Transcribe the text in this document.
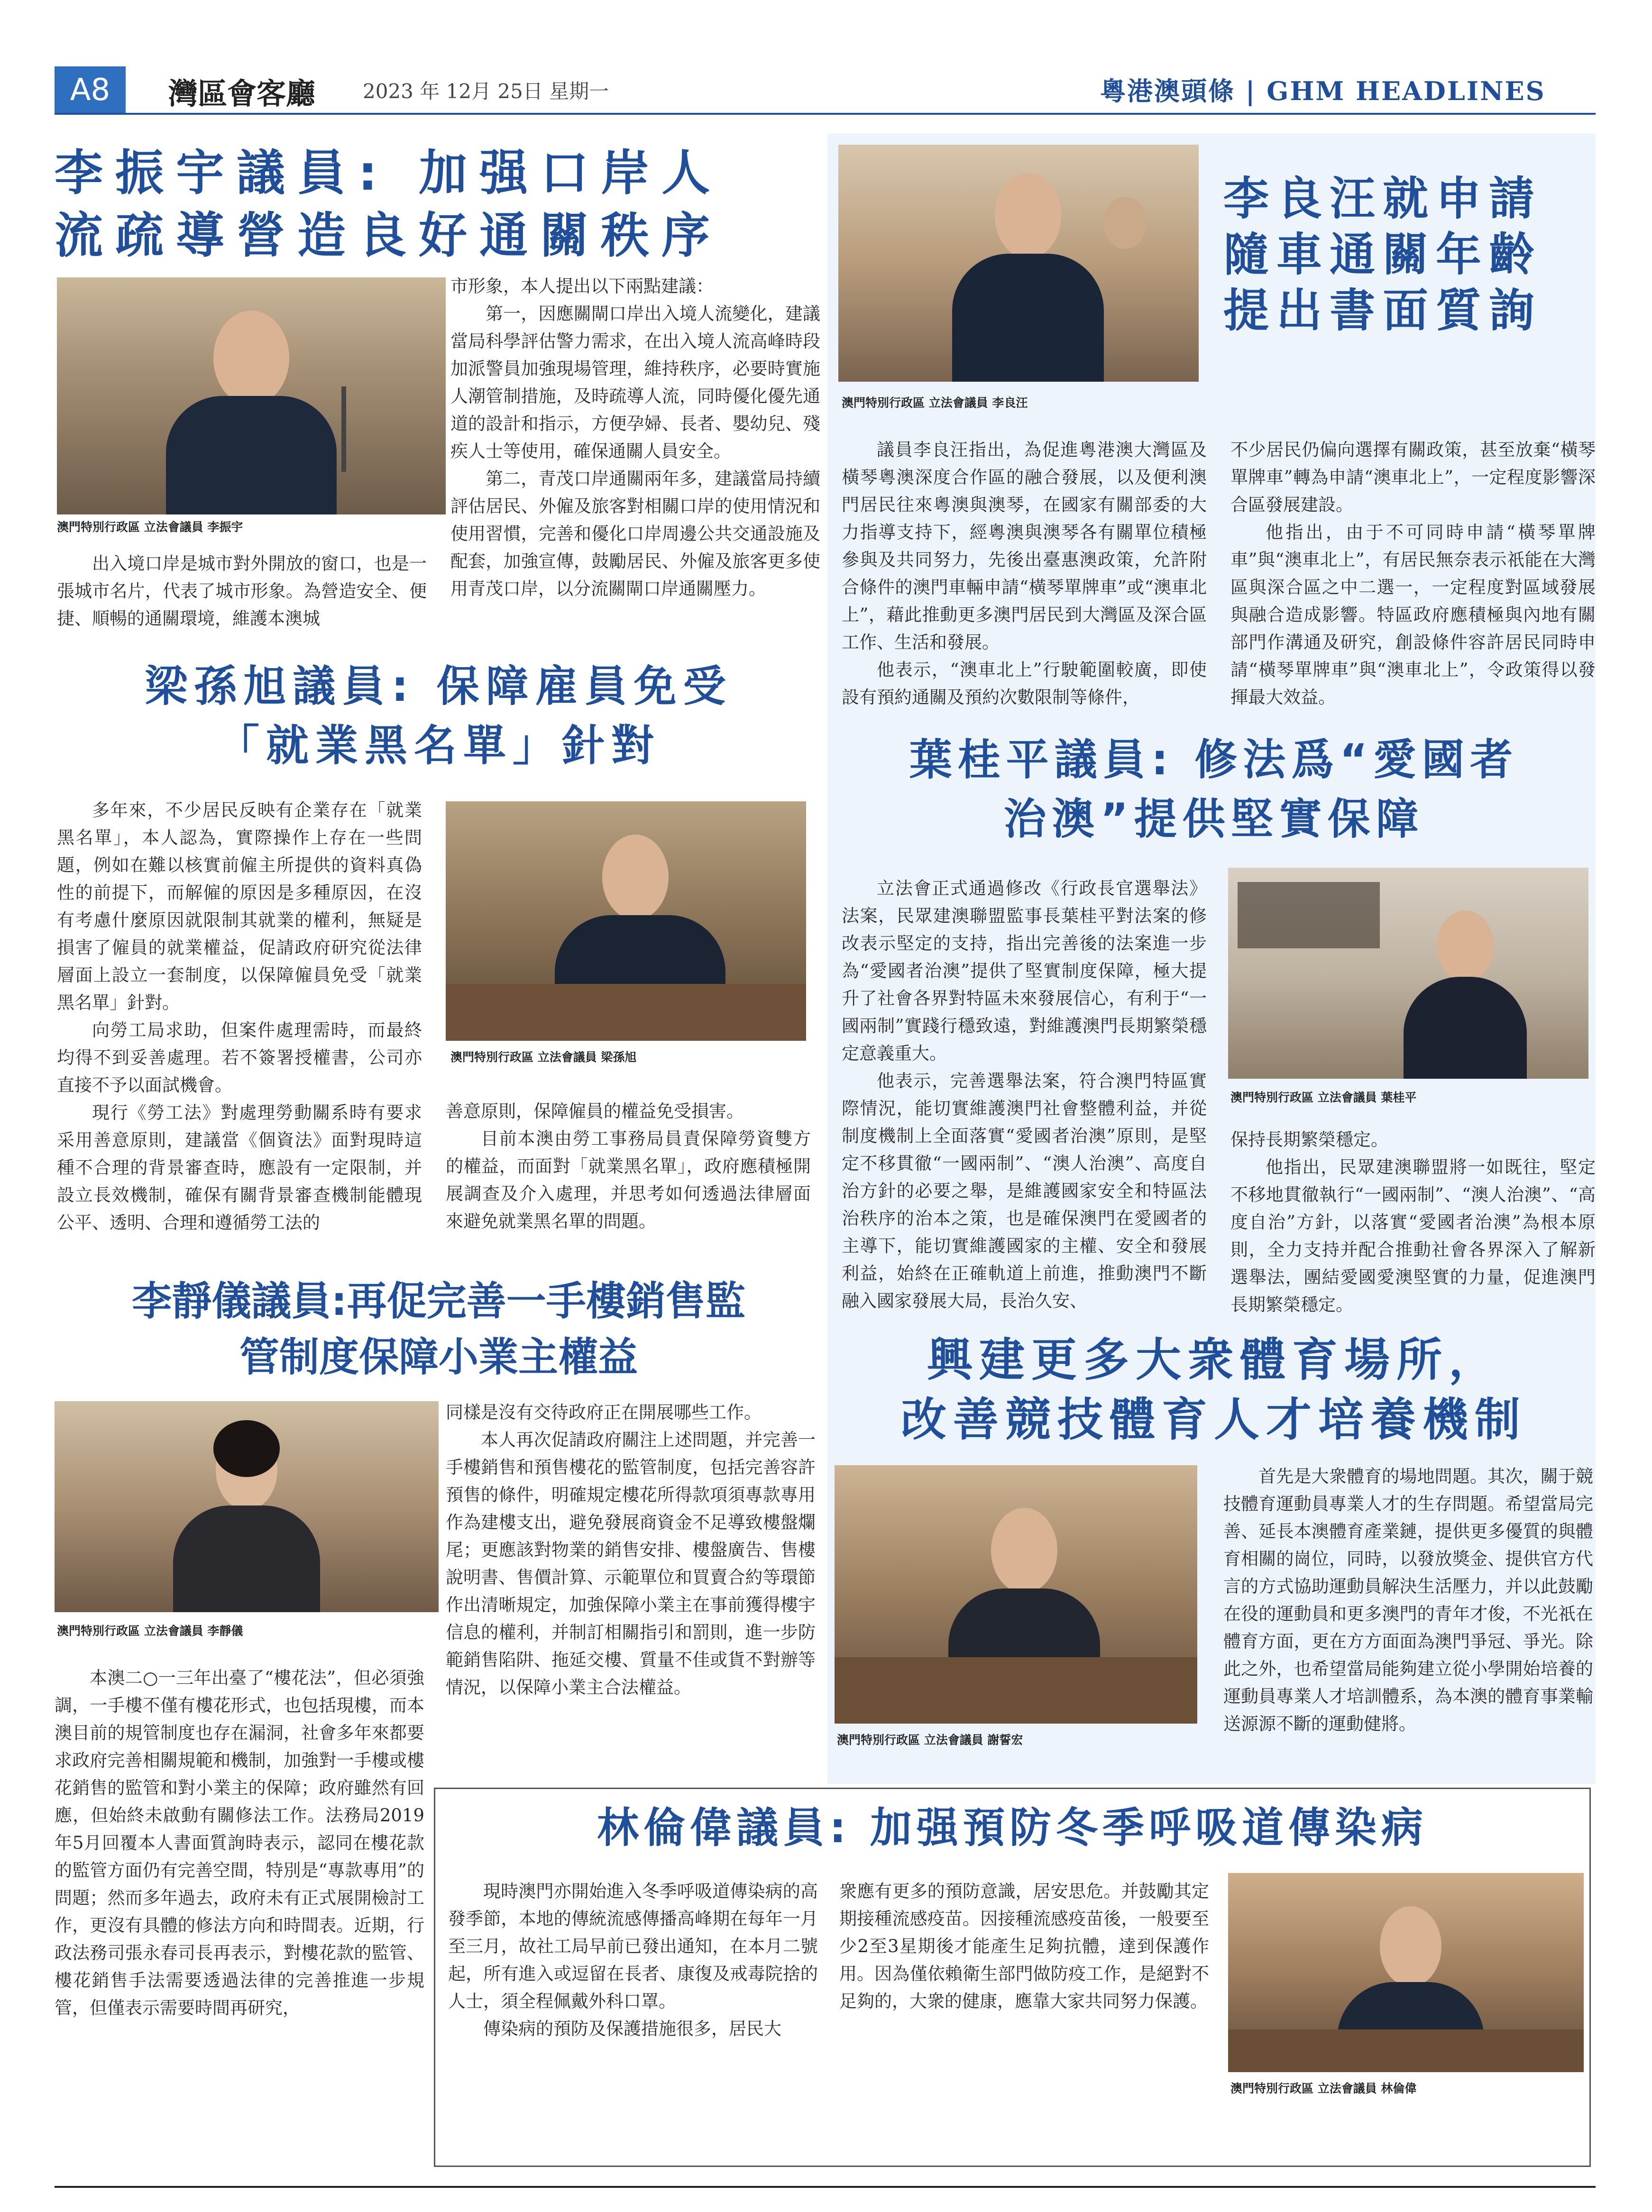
A8	灣區會客廳 2023 年 12月 25日 星期一	粵港澳頭條 | GHM HEADLINES
李振宇議員: 加强口岸人
流疏導營造良好通關秩序
澳門特別行政區 立法會議員 李振宇

出入境口岸是城市對外開放的窗口，也是一張城市名片，代表了城市形象。為營造安全、便捷、順暢的通關環境，維護本澳城

市形象，本人提出以下兩點建議：

第一，因應關閘口岸出入境人流變化，建議當局科學評估警力需求，在出入境人流高峰時段加派警員加強現場管理，維持秩序，必要時實施人潮管制措施，及時疏導人流，同時優化優先通道的設計和指示，方便孕婦、長者、嬰幼兒、殘疾人士等使用，確保通關人員安全。

第二，青茂口岸通關兩年多，建議當局持續評估居民、外僱及旅客對相關口岸的使用情況和使用習慣，完善和優化口岸周邊公共交通設施及配套，加強宣傳，鼓勵居民、外僱及旅客更多使用青茂口岸，以分流關閘口岸通關壓力。

澳門特別行政區 立法會議員 李良汪
李良汪就申請
隨車通關年齡
提出書面質詢

議員李良汪指出，為促進粵港澳大灣區及橫琴粵澳深度合作區的融合發展，以及便利澳門居民往來粵澳與澳琴，在國家有關部委的大力指導支持下，經粵澳與澳琴各有關單位積極參與及共同努力，先後出臺惠澳政策，允許附合條件的澳門車輛申請“橫琴單牌車”或“澳車北上”，藉此推動更多澳門居民到大灣區及深合區工作、生活和發展。

他表示，“澳車北上”行駛範圍較廣，即使設有預約通關及預約次數限制等條件，

不少居民仍偏向選擇有關政策，甚至放棄“橫琴單牌車”轉為申請“澳車北上”，一定程度影響深合區發展建設。

他指出，由于不可同時申請“橫琴單牌車”與“澳車北上”，有居民無奈表示祇能在大灣區與深合區之中二選一，一定程度對區域發展與融合造成影響。特區政府應積極與內地有關部門作溝通及研究，創設條件容許居民同時申請“橫琴單牌車”與“澳車北上”，令政策得以發揮最大效益。

梁孫旭議員: 保障雇員免受
「就業黑名單」針對

多年來，不少居民反映有企業存在「就業黑名單」，本人認為，實際操作上存在一些問題，例如在難以核實前僱主所提供的資料真偽性的前提下，而解僱的原因是多種原因，在沒有考慮什麼原因就限制其就業的權利，無疑是損害了僱員的就業權益，促請政府研究從法律層面上設立一套制度，以保障僱員免受「就業黑名單」針對。

向勞工局求助，但案件處理需時，而最終均得不到妥善處理。若不簽署授權書，公司亦直接不予以面試機會。

現行《勞工法》對處理勞動關系時有要求采用善意原則，建議當《個資法》面對現時這種不合理的背景審查時，應設有一定限制，并設立長效機制，確保有關背景審查機制能體現公平、透明、合理和遵循勞工法的

澳門特別行政區 立法會議員 梁孫旭

善意原則，保障僱員的權益免受損害。

目前本澳由勞工事務局員責保障勞資雙方的權益，而面對「就業黑名單」，政府應積極開展調查及介入處理，并思考如何透過法律層面來避免就業黑名單的問題。

葉桂平議員: 修法爲“愛國者
治澳”提供堅實保障

立法會正式通過修改《行政長官選舉法》法案，民眾建澳聯盟監事長葉桂平對法案的修改表示堅定的支持，指出完善後的法案進一步為“愛國者治澳”提供了堅實制度保障，極大提升了社會各界對特區未來發展信心，有利于“一國兩制”實踐行穩致遠，對維護澳門長期繁榮穩定意義重大。

他表示，完善選舉法案，符合澳門特區實際情況，能切實維護澳門社會整體利益，并從制度機制上全面落實“愛國者治澳”原則，是堅定不移貫徹“一國兩制”、“澳人治澳”、高度自治方針的必要之舉，是維護國家安全和特區法治秩序的治本之策，也是確保澳門在愛國者的主導下，能切實維護國家的主權、安全和發展利益，始終在正確軌道上前進，推動澳門不斷融入國家發展大局，長治久安、

澳門特別行政區 立法會議員 葉桂平

保持長期繁榮穩定。

他指出，民眾建澳聯盟將一如既往，堅定不移地貫徹執行“一國兩制”、“澳人治澳”、“高度自治”方針，以落實“愛國者治澳”為根本原則，全力支持并配合推動社會各界深入了解新選舉法，團結愛國愛澳堅實的力量，促進澳門長期繁榮穩定。

李靜儀議員:再促完善一手樓銷售監
管制度保障小業主權益
澳門特別行政區 立法會議員 李靜儀

本澳二○一三年出臺了“樓花法”，但必須強調，一手樓不僅有樓花形式，也包括現樓，而本澳目前的規管制度也存在漏洞，社會多年來都要求政府完善相關規範和機制，加強對一手樓或樓花銷售的監管和對小業主的保障；政府雖然有回應，但始終未啟動有關修法工作。法務局2019年5月回覆本人書面質詢時表示，認同在樓花款的監管方面仍有完善空間，特別是“專款專用”的問題；然而多年過去，政府未有正式展開檢討工作，更沒有具體的修法方向和時間表。近期，行政法務司張永春司長再表示，對樓花款的監管、樓花銷售手法需要透過法律的完善推進一步規管，但僅表示需要時間再研究，

同樣是沒有交待政府正在開展哪些工作。

本人再次促請政府關注上述問題，并完善一手樓銷售和預售樓花的監管制度，包括完善容許預售的條件，明確規定樓花所得款項須專款專用作為建樓支出，避免發展商資金不足導致樓盤爛尾；更應該對物業的銷售安排、樓盤廣告、售樓說明書、售價計算、示範單位和買賣合約等環節作出清晰規定，加強保障小業主在事前獲得樓宇信息的權利，并制訂相關指引和罰則，進一步防範銷售陷阱、拖延交樓、質量不佳或貨不對辦等情況，以保障小業主合法權益。

興建更多大衆體育場所，
改善競技體育人才培養機制
澳門特別行政區 立法會議員 謝誓宏

首先是大衆體育的場地問題。其次，關于競技體育運動員專業人才的生存問題。希望當局完善、延長本澳體育產業鏈，提供更多優質的與體育相關的崗位，同時，以發放獎金、提供官方代言的方式協助運動員解決生活壓力，并以此鼓勵在役的運動員和更多澳門的青年才俊，不光祇在體育方面，更在方方面面為澳門爭冠、爭光。除此之外，也希望當局能夠建立從小學開始培養的運動員專業人才培訓體系，為本澳的體育事業輸送源源不斷的運動健將。

林倫偉議員: 加强預防冬季呼吸道傳染病

現時澳門亦開始進入冬季呼吸道傳染病的高發季節，本地的傳統流感傳播高峰期在每年一月至三月，故社工局早前已發出通知，在本月二號起，所有進入或逗留在長者、康復及戒毒院捨的人士，須全程佩戴外科口罩。

傳染病的預防及保護措施很多，居民大

衆應有更多的預防意識，居安思危。并鼓勵其定期接種流感疫苗。因接種流感疫苗後，一般要至少2至3星期後才能產生足夠抗體，達到保護作用。因為僅依賴衛生部門做防疫工作，是絕對不足夠的，大衆的健康，應靠大家共同努力保護。

澳門特別行政區 立法會議員 林倫偉
